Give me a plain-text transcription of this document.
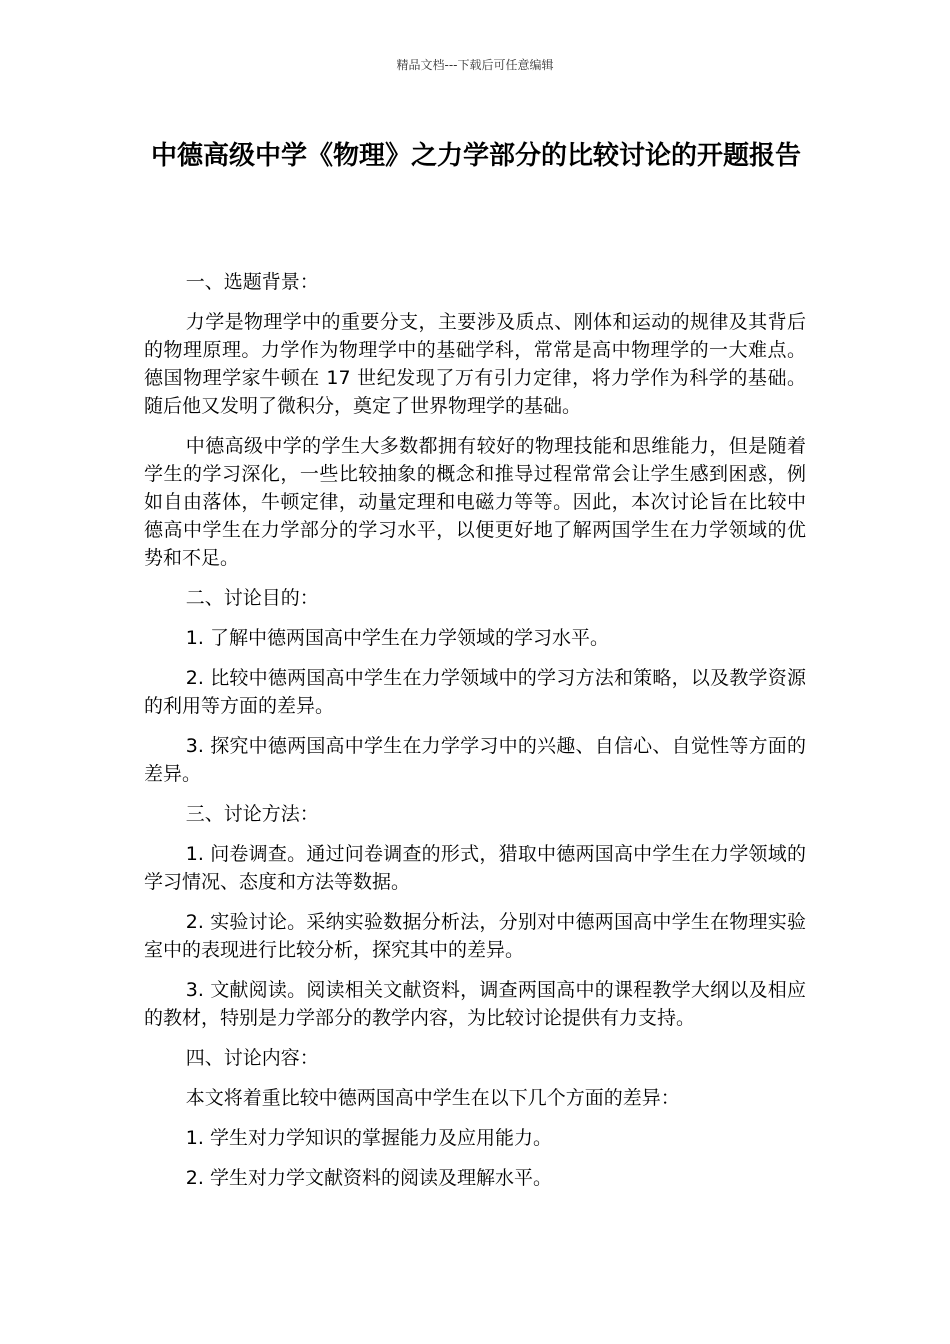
精品文档---下载后可任意编辑
中德高级中学《物理》之力学部分的比较讨论的开题报告

一、选题背景：

力学是物理学中的重要分支，主要涉及质点、刚体和运动的规律及其背后的物理原理。力学作为物理学中的基础学科，常常是高中物理学的一大难点。德国物理学家牛顿在 17 世纪发现了万有引力定律，将力学作为科学的基础。随后他又发明了微积分，奠定了世界物理学的基础。

中德高级中学的学生大多数都拥有较好的物理技能和思维能力，但是随着学生的学习深化，一些比较抽象的概念和推导过程常常会让学生感到困惑，例如自由落体，牛顿定律，动量定理和电磁力等等。因此，本次讨论旨在比较中德高中学生在力学部分的学习水平，以便更好地了解两国学生在力学领域的优势和不足。

二、讨论目的：

1. 了解中德两国高中学生在力学领域的学习水平。

2. 比较中德两国高中学生在力学领域中的学习方法和策略，以及教学资源的利用等方面的差异。

3. 探究中德两国高中学生在力学学习中的兴趣、自信心、自觉性等方面的差异。

三、讨论方法：

1. 问卷调查。通过问卷调查的形式，猎取中德两国高中学生在力学领域的学习情况、态度和方法等数据。

2. 实验讨论。采纳实验数据分析法，分别对中德两国高中学生在物理实验室中的表现进行比较分析，探究其中的差异。

3. 文献阅读。阅读相关文献资料，调查两国高中的课程教学大纲以及相应的教材，特别是力学部分的教学内容，为比较讨论提供有力支持。

四、讨论内容：

本文将着重比较中德两国高中学生在以下几个方面的差异：

1. 学生对力学知识的掌握能力及应用能力。

2. 学生对力学文献资料的阅读及理解水平。
